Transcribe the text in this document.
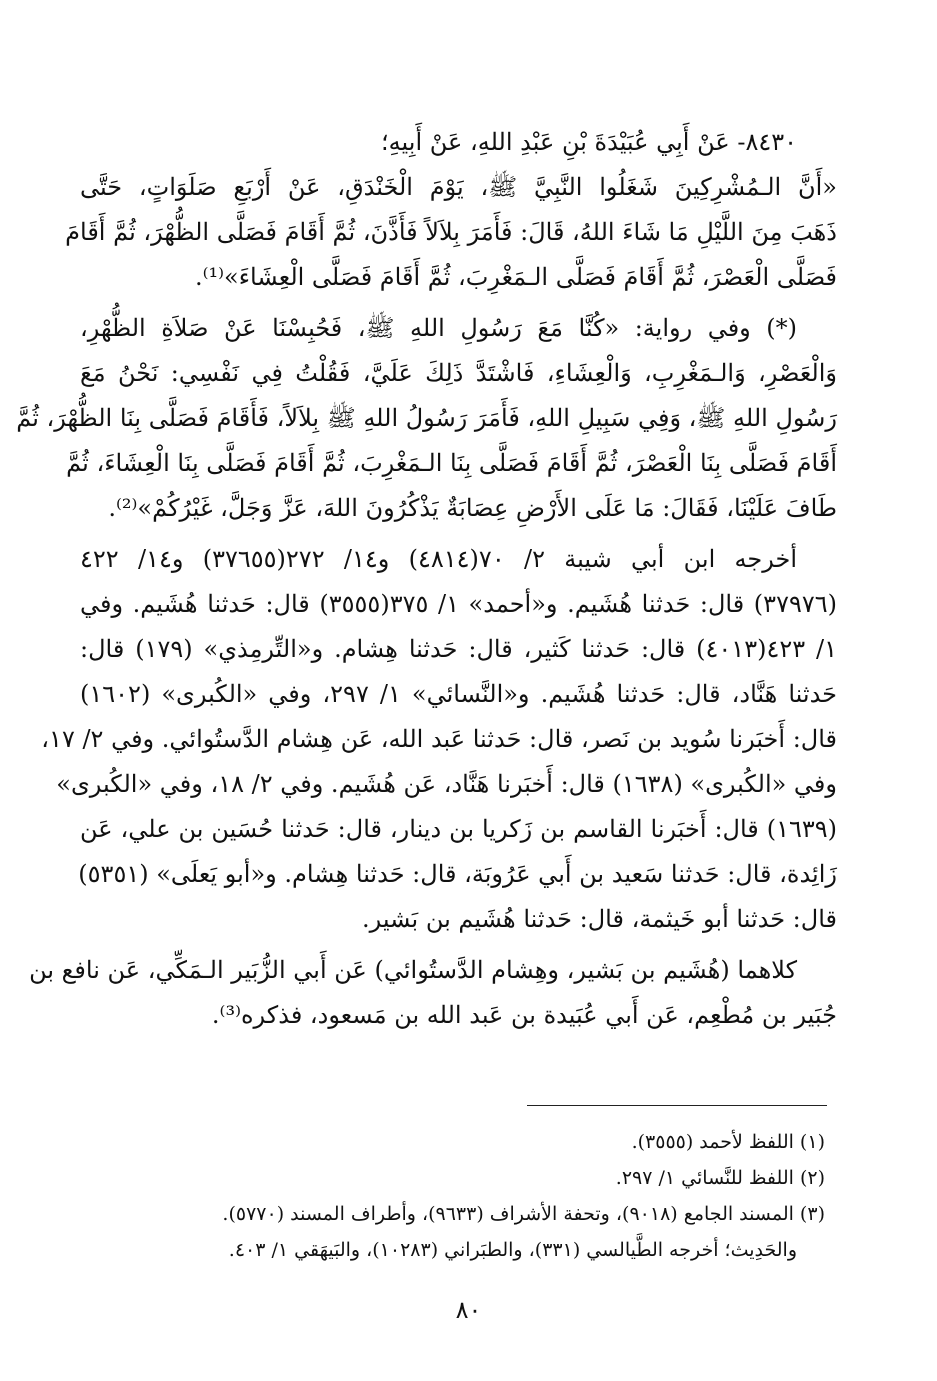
٨٤٣٠- عَنْ أَبِي عُبَيْدَةَ بْنِ عَبْدِ اللهِ، عَنْ أَبِيهِ؛
«أَنَّ الـمُشْرِكِينَ شَغَلُوا النَّبِيَّ ﷺ، يَوْمَ الْخَنْدَقِ، عَنْ أَرْبَعِ صَلَوَاتٍ، حَتَّى
ذَهَبَ مِنَ اللَّيْلِ مَا شَاءَ اللهُ، قَالَ: فَأَمَرَ بِلاَلاً فَأَذَّنَ، ثُمَّ أَقَامَ فَصَلَّى الظُّهْرَ، ثُمَّ أَقَامَ
فَصَلَّى الْعَصْرَ، ثُمَّ أَقَامَ فَصَلَّى الـمَغْرِبَ، ثُمَّ أَقَامَ فَصَلَّى الْعِشَاءَ»⁽¹⁾.
(*) وفي رواية: «كُنَّا مَعَ رَسُولِ اللهِ ﷺ، فَحُبِسْنَا عَنْ صَلاَةِ الظُّهْرِ،
وَالْعَصْرِ، وَالـمَغْرِبِ، وَالْعِشَاءِ، فَاشْتَدَّ ذَلِكَ عَلَيَّ، فَقُلْتُ فِي نَفْسِي: نَحْنُ مَعَ
رَسُولِ اللهِ ﷺ، وَفِي سَبِيلِ اللهِ، فَأَمَرَ رَسُولُ اللهِ ﷺ بِلاَلاً، فَأَقَامَ فَصَلَّى بِنَا الظُّهْرَ، ثُمَّ
أَقَامَ فَصَلَّى بِنَا الْعَصْرَ، ثُمَّ أَقَامَ فَصَلَّى بِنَا الـمَغْرِبَ، ثُمَّ أَقَامَ فَصَلَّى بِنَا الْعِشَاءَ، ثُمَّ
طَافَ عَلَيْنَا، فَقَالَ: مَا عَلَى الأَرْضِ عِصَابَةٌ يَذْكُرُونَ اللهَ، عَزَّ وَجَلَّ، غَيْرُكُمْ»⁽²⁾.
أخرجه ابن أبي شيبة ٢/ ٧٠(٤٨١٤) و١٤/ ٢٧٢(٣٧٦٥٥) و١٤/ ٤٢٢
(٣٧٩٧٦) قال: حَدثنا هُشَيم. و«أحمد» ١/ ٣٧٥(٣٥٥٥) قال: حَدثنا هُشَيم. وفي
١/ ٤٢٣(٤٠١٣) قال: حَدثنا كَثير، قال: حَدثنا هِشام. و«التِّرمِذي» (١٧٩) قال:
حَدثنا هَنَّاد، قال: حَدثنا هُشَيم. و«النَّسائي» ١/ ٢٩٧، وفي «الكُبرى» (١٦٠٢)
قال: أَخبَرنا سُويد بن نَصر، قال: حَدثنا عَبد الله، عَن هِشام الدَّستُوائي. وفي ٢/ ١٧،
وفي «الكُبرى» (١٦٣٨) قال: أَخبَرنا هَنَّاد، عَن هُشَيم. وفي ٢/ ١٨، وفي «الكُبرى»
(١٦٣٩) قال: أَخبَرنا القاسم بن زَكريا بن دينار، قال: حَدثنا حُسَين بن علي، عَن
زَائِدة، قال: حَدثنا سَعيد بن أَبي عَرُوبَة، قال: حَدثنا هِشام. و«أبو يَعلَى» (٥٣٥١)
قال: حَدثنا أبو خَيثمة، قال: حَدثنا هُشَيم بن بَشير.
كلاهما (هُشَيم بن بَشير، وهِشام الدَّستُوائي) عَن أَبي الزُّبَير الـمَكِّي، عَن نافع بن
جُبَير بن مُطْعِم، عَن أَبي عُبَيدة بن عَبد الله بن مَسعود، فذكره⁽³⁾.
(١) اللفظ لأحمد (٣٥٥٥).
(٢) اللفظ للنَّسائي ١/ ٢٩٧.
(٣) المسند الجامع (٩٠١٨)، وتحفة الأشراف (٩٦٣٣)، وأطراف المسند (٥٧٧٠).
والحَدِيث؛ أخرجه الطَّيالسي (٣٣١)، والطبَراني (١٠٢٨٣)، والبَيهَقي ١/ ٤٠٣.
٨٠
